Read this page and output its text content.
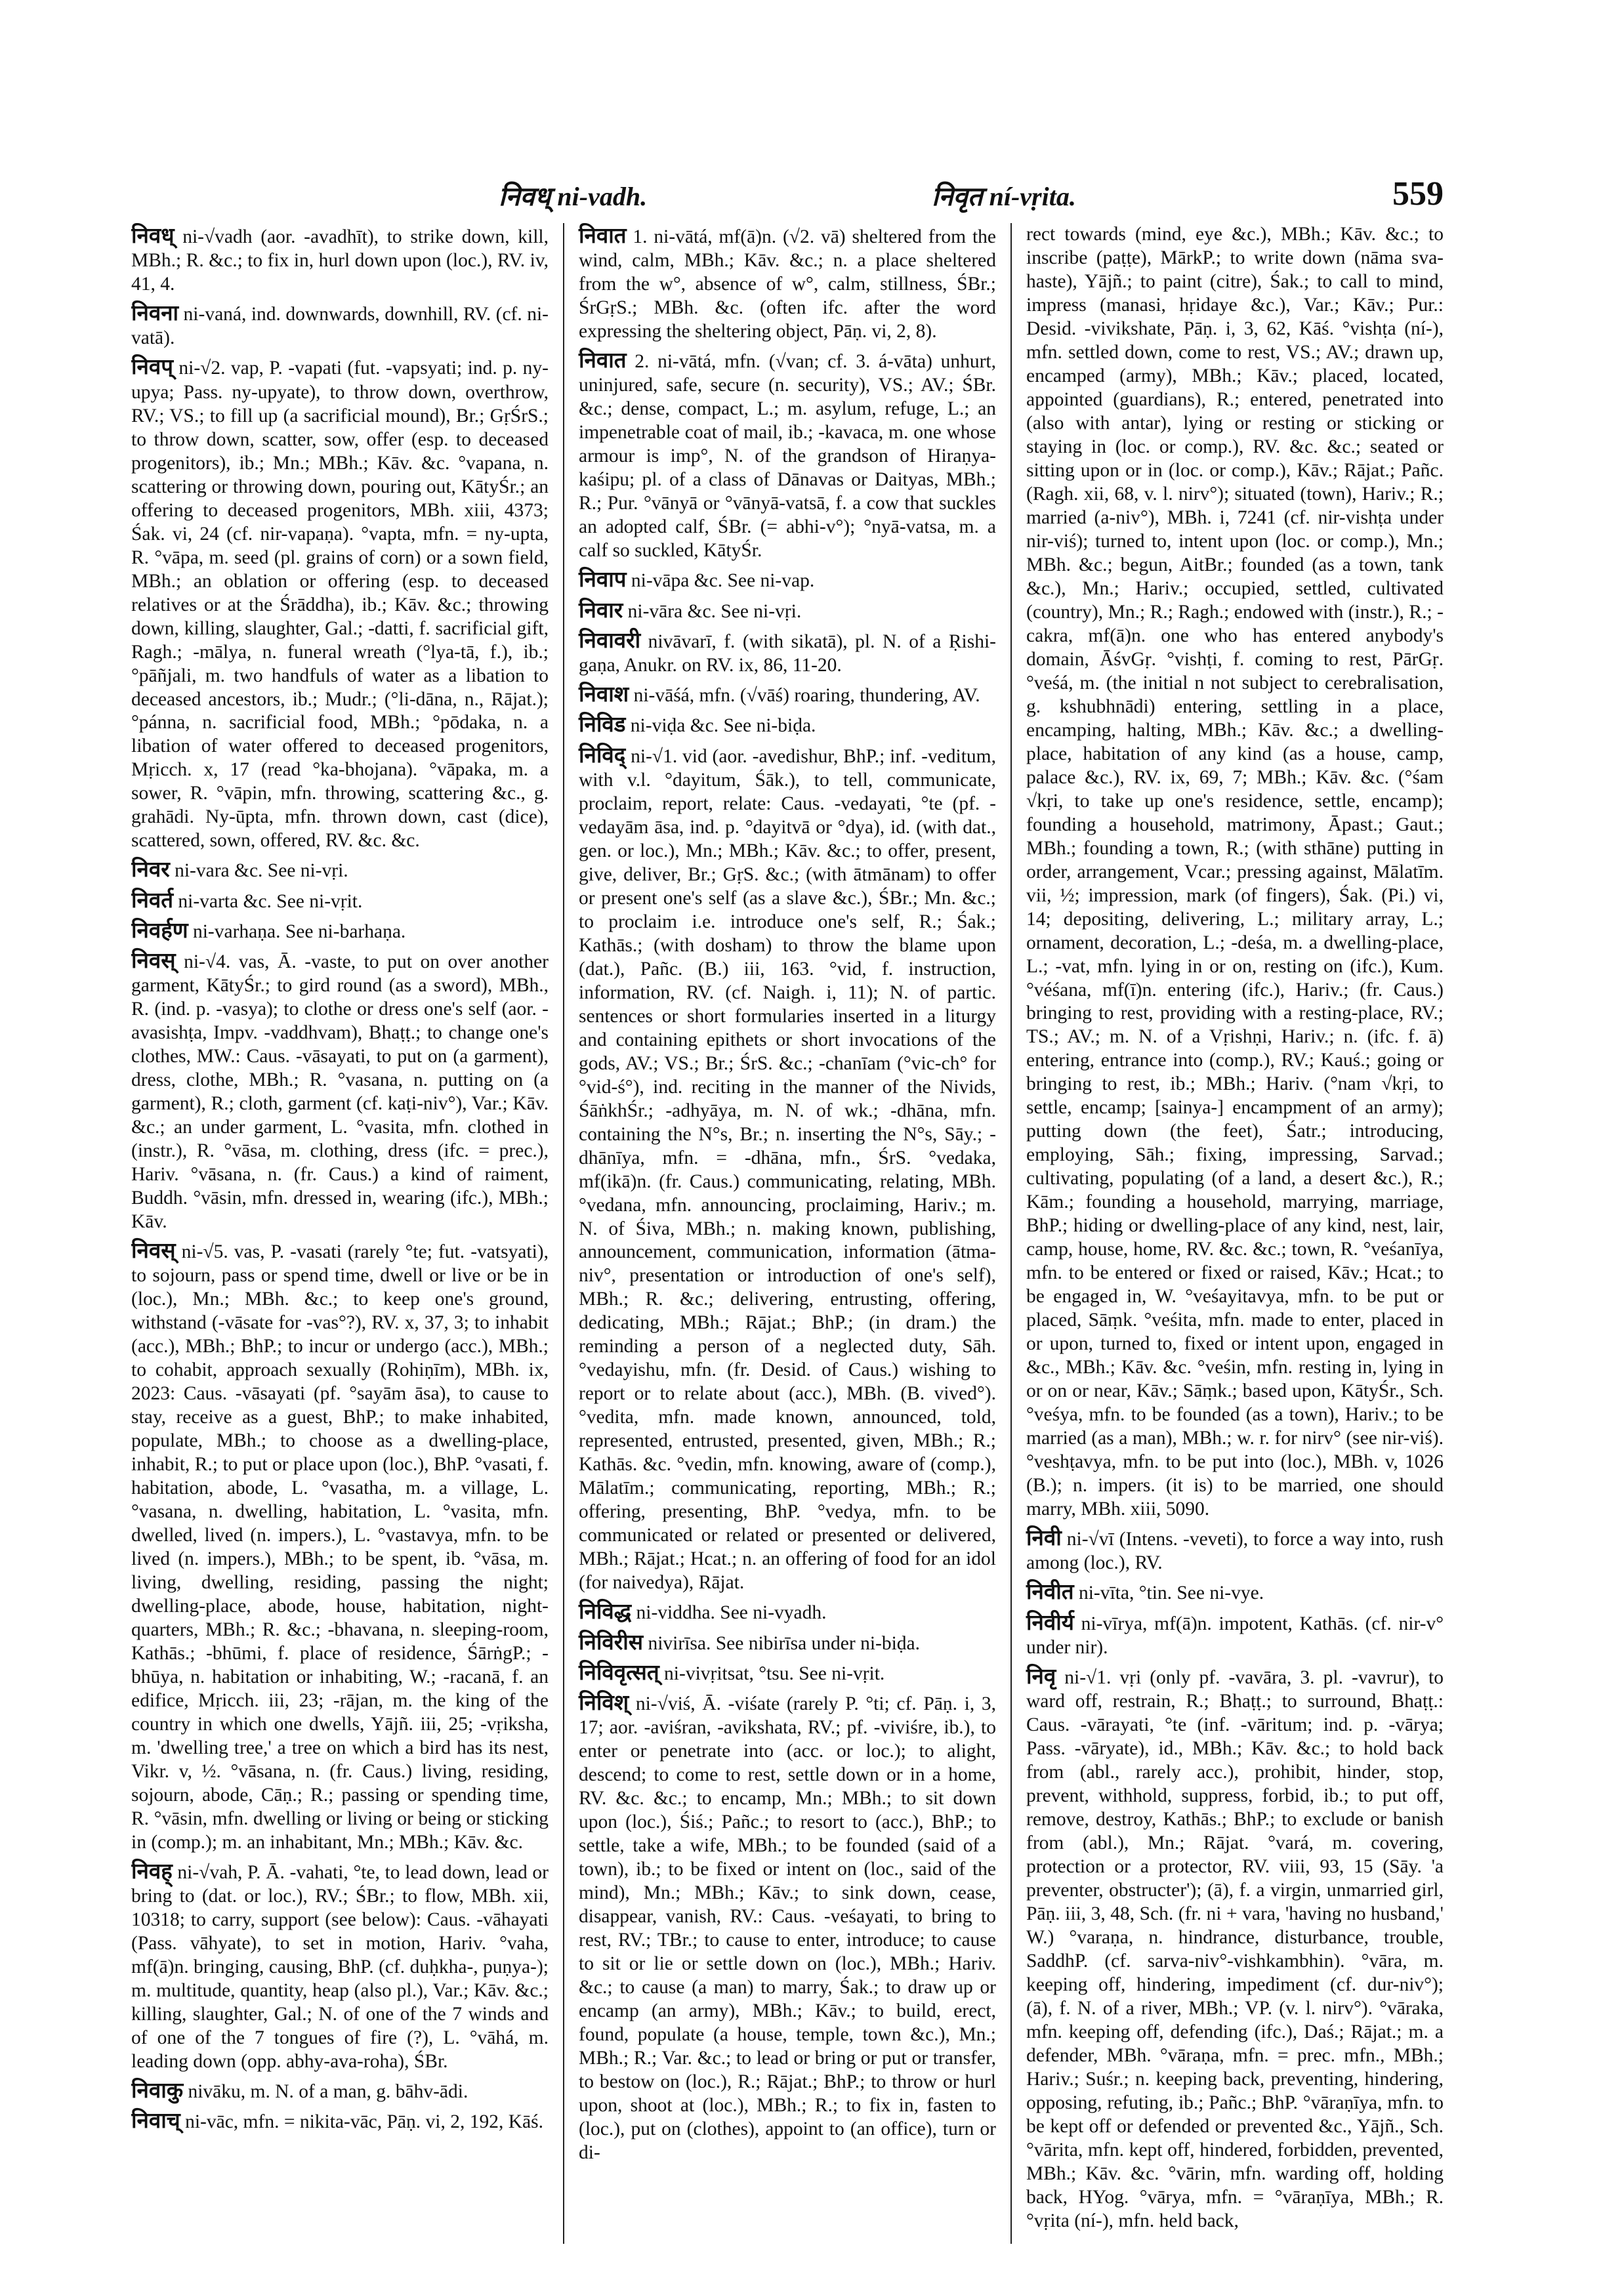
निवध् ni-vadh.	निवृत ní-vṛita.	559

निवध् ni-√vadh (aor. -avadhīt), to strike down, kill, MBh.; R. &c.; to fix in, hurl down upon (loc.), RV. iv, 41, 4.

निवना ni-vaná, ind. downwards, downhill, RV. (cf. ni-vatā).

निवप् ni-√2. vap, P. -vapati (fut. -vapsyati; ind. p. ny-upya; Pass. ny-upyate), to throw down, overthrow, RV.; VS.; to fill up (a sacrificial mound), Br.; GṛŚrS.; to throw down, scatter, sow, offer (esp. to deceased progenitors), ib.; Mn.; MBh.; Kāv. &c. °vapana, n. scattering or throwing down, pouring out, KātyŚr.; an offering to deceased progenitors, MBh. xiii, 4373; Śak. vi, 24 (cf. nir-vapaṇa). °vapta, mfn. = ny-upta, R. °vāpa, m. seed (pl. grains of corn) or a sown field, MBh.; an oblation or offering (esp. to deceased relatives or at the Śrāddha), ib.; Kāv. &c.; throwing down, killing, slaughter, Gal.; -datti, f. sacrificial gift, Ragh.; -mālya, n. funeral wreath (°lya-tā, f.), ib.; °pāñjali, m. two handfuls of water as a libation to deceased ancestors, ib.; Mudr.; (°li-dāna, n., Rājat.); °pánna, n. sacrificial food, MBh.; °pōdaka, n. a libation of water offered to deceased progenitors, Mṛicch. x, 17 (read °ka-bhojana). °vāpaka, m. a sower, R. °vāpin, mfn. throwing, scattering &c., g. grahādi. Ny-ūpta, mfn. thrown down, cast (dice), scattered, sown, offered, RV. &c. &c.

निवर ni-vara &c. See ni-vṛi.

निवर्त ni-varta &c. See ni-vṛit.

निवर्हण ni-varhaṇa. See ni-barhaṇa.

निवस् ni-√4. vas, Ā. -vaste, to put on over another garment, KātyŚr.; to gird round (as a sword), MBh., R. (ind. p. -vasya); to clothe or dress one's self (aor. -avasishṭa, Impv. -vaddhvam), Bhaṭṭ.; to change one's clothes, MW.: Caus. -vāsayati, to put on (a garment), dress, clothe, MBh.; R. °vasana, n. putting on (a garment), R.; cloth, garment (cf. kaṭi-niv°), Var.; Kāv. &c.; an under garment, L. °vasita, mfn. clothed in (instr.), R. °vāsa, m. clothing, dress (ifc. = prec.), Hariv. °vāsana, n. (fr. Caus.) a kind of raiment, Buddh. °vāsin, mfn. dressed in, wearing (ifc.), MBh.; Kāv.

निवस् ni-√5. vas, P. -vasati (rarely °te; fut. -vatsyati), to sojourn, pass or spend time, dwell or live or be in (loc.), Mn.; MBh. &c.; to keep one's ground, withstand (-vāsate for -vas°?), RV. x, 37, 3; to inhabit (acc.), MBh.; BhP.; to incur or undergo (acc.), MBh.; to cohabit, approach sexually (Rohiṇīm), MBh. ix, 2023: Caus. -vāsayati (pf. °sayām āsa), to cause to stay, receive as a guest, BhP.; to make inhabited, populate, MBh.; to choose as a dwelling-place, inhabit, R.; to put or place upon (loc.), BhP. °vasati, f. habitation, abode, L. °vasatha, m. a village, L. °vasana, n. dwelling, habitation, L. °vasita, mfn. dwelled, lived (n. impers.), L. °vastavya, mfn. to be lived (n. impers.), MBh.; to be spent, ib. °vāsa, m. living, dwelling, residing, passing the night; dwelling-place, abode, house, habitation, night-quarters, MBh.; R. &c.; -bhavana, n. sleeping-room, Kathās.; -bhūmi, f. place of residence, ŚārṅgP.; -bhūya, n. habitation or inhabiting, W.; -racanā, f. an edifice, Mṛicch. iii, 23; -rājan, m. the king of the country in which one dwells, Yājñ. iii, 25; -vṛiksha, m. 'dwelling tree,' a tree on which a bird has its nest, Vikr. v, ½. °vāsana, n. (fr. Caus.) living, residing, sojourn, abode, Cāṇ.; R.; passing or spending time, R. °vāsin, mfn. dwelling or living or being or sticking in (comp.); m. an inhabitant, Mn.; MBh.; Kāv. &c.

निवह् ni-√vah, P. Ā. -vahati, °te, to lead down, lead or bring to (dat. or loc.), RV.; ŚBr.; to flow, MBh. xii, 10318; to carry, support (see below): Caus. -vāhayati (Pass. vāhyate), to set in motion, Hariv. °vaha, mf(ā)n. bringing, causing, BhP. (cf. duḥkha-, puṇya-); m. multitude, quantity, heap (also pl.), Var.; Kāv. &c.; killing, slaughter, Gal.; N. of one of the 7 winds and of one of the 7 tongues of fire (?), L. °vāhá, m. leading down (opp. abhy-ava-roha), ŚBr.

निवाकु nivāku, m. N. of a man, g. bāhv-ādi.

निवाच् ni-vāc, mfn. = nikita-vāc, Pāṇ. vi, 2, 192, Kāś.

निवात 1. ni-vātá, mf(ā)n. (√2. vā) sheltered from the wind, calm, MBh.; Kāv. &c.; n. a place sheltered from the w°, absence of w°, calm, stillness, ŚBr.; ŚrGṛS.; MBh. &c. (often ifc. after the word expressing the sheltering object, Pāṇ. vi, 2, 8).

निवात 2. ni-vātá, mfn. (√van; cf. 3. á-vāta) unhurt, uninjured, safe, secure (n. security), VS.; AV.; ŚBr. &c.; dense, compact, L.; m. asylum, refuge, L.; an impenetrable coat of mail, ib.; -kavaca, m. one whose armour is imp°, N. of the grandson of Hiraṇya-kaśipu; pl. of a class of Dānavas or Daityas, MBh.; R.; Pur. °vānyā or °vānyā-vatsā, f. a cow that suckles an adopted calf, ŚBr. (= abhi-v°); °nyā-vatsa, m. a calf so suckled, KātyŚr.

निवाप ni-vāpa &c. See ni-vap.

निवार ni-vāra &c. See ni-vṛi.

निवावरी nivāvarī, f. (with sikatā), pl. N. of a Ṛishi-gaṇa, Anukr. on RV. ix, 86, 11-20.

निवाश ni-vāśá, mfn. (√vāś) roaring, thundering, AV.

निविड ni-viḍa &c. See ni-biḍa.

निविद् ni-√1. vid (aor. -avedishur, BhP.; inf. -veditum, with v.l. °dayitum, Śāk.), to tell, communicate, proclaim, report, relate: Caus. -vedayati, °te (pf. -vedayām āsa, ind. p. °dayitvā or °dya), id. (with dat., gen. or loc.), Mn.; MBh.; Kāv. &c.; to offer, present, give, deliver, Br.; GṛS. &c.; (with ātmānam) to offer or present one's self (as a slave &c.), ŚBr.; Mn. &c.; to proclaim i.e. introduce one's self, R.; Śak.; Kathās.; (with dosham) to throw the blame upon (dat.), Pañc. (B.) iii, 163. °vid, f. instruction, information, RV. (cf. Naigh. i, 11); N. of partic. sentences or short formularies inserted in a liturgy and containing epithets or short invocations of the gods, AV.; VS.; Br.; ŚrS. &c.; -chanīam (°vic-ch° for °vid-ś°), ind. reciting in the manner of the Nivids, ŚāṅkhŚr.; -adhyāya, m. N. of wk.; -dhāna, mfn. containing the N°s, Br.; n. inserting the N°s, Sāy.; -dhānīya, mfn. = -dhāna, mfn., ŚrS. °vedaka, mf(ikā)n. (fr. Caus.) communicating, relating, MBh. °vedana, mfn. announcing, proclaiming, Hariv.; m. N. of Śiva, MBh.; n. making known, publishing, announcement, communication, information (ātma-niv°, presentation or introduction of one's self), MBh.; R. &c.; delivering, entrusting, offering, dedicating, MBh.; Rājat.; BhP.; (in dram.) the reminding a person of a neglected duty, Sāh. °vedayishu, mfn. (fr. Desid. of Caus.) wishing to report or to relate about (acc.), MBh. (B. vived°). °vedita, mfn. made known, announced, told, represented, entrusted, presented, given, MBh.; R.; Kathās. &c. °vedin, mfn. knowing, aware of (comp.), Mālatīm.; communicating, reporting, MBh.; R.; offering, presenting, BhP. °vedya, mfn. to be communicated or related or presented or delivered, MBh.; Rājat.; Hcat.; n. an offering of food for an idol (for naivedya), Rājat.

निविद्ध ni-viddha. See ni-vyadh.

निविरीस nivirīsa. See nibirīsa under ni-biḍa.

निविवृत्सत् ni-vivṛitsat, °tsu. See ni-vṛit.

निविश् ni-√viś, Ā. -viśate (rarely P. °ti; cf. Pāṇ. i, 3, 17; aor. -aviśran, -avikshata, RV.; pf. -viviśre, ib.), to enter or penetrate into (acc. or loc.); to alight, descend; to come to rest, settle down or in a home, RV. &c. &c.; to encamp, Mn.; MBh.; to sit down upon (loc.), Śiś.; Pañc.; to resort to (acc.), BhP.; to settle, take a wife, MBh.; to be founded (said of a town), ib.; to be fixed or intent on (loc., said of the mind), Mn.; MBh.; Kāv.; to sink down, cease, disappear, vanish, RV.: Caus. -veśayati, to bring to rest, RV.; TBr.; to cause to enter, introduce; to cause to sit or lie or settle down on (loc.), MBh.; Hariv. &c.; to cause (a man) to marry, Śak.; to draw up or encamp (an army), MBh.; Kāv.; to build, erect, found, populate (a house, temple, town &c.), Mn.; MBh.; R.; Var. &c.; to lead or bring or put or transfer, to bestow on (loc.), R.; Rājat.; BhP.; to throw or hurl upon, shoot at (loc.), MBh.; R.; to fix in, fasten to (loc.), put on (clothes), appoint to (an office), turn or di-

rect towards (mind, eye &c.), MBh.; Kāv. &c.; to inscribe (paṭṭe), MārkP.; to write down (nāma sva-haste), Yājñ.; to paint (citre), Śak.; to call to mind, impress (manasi, hṛidaye &c.), Var.; Kāv.; Pur.: Desid. -vivikshate, Pāṇ. i, 3, 62, Kāś. °vishṭa (ní-), mfn. settled down, come to rest, VS.; AV.; drawn up, encamped (army), MBh.; Kāv.; placed, located, appointed (guardians), R.; entered, penetrated into (also with antar), lying or resting or sticking or staying in (loc. or comp.), RV. &c. &c.; seated or sitting upon or in (loc. or comp.), Kāv.; Rājat.; Pañc. (Ragh. xii, 68, v. l. nirv°); situated (town), Hariv.; R.; married (a-niv°), MBh. i, 7241 (cf. nir-vishṭa under nir-viś); turned to, intent upon (loc. or comp.), Mn.; MBh. &c.; begun, AitBr.; founded (as a town, tank &c.), Mn.; Hariv.; occupied, settled, cultivated (country), Mn.; R.; Ragh.; endowed with (instr.), R.; -cakra, mf(ā)n. one who has entered anybody's domain, ĀśvGṛ. °vishṭi, f. coming to rest, PārGṛ. °veśá, m. (the initial n not subject to cerebralisation, g. kshubhnādi) entering, settling in a place, encamping, halting, MBh.; Kāv. &c.; a dwelling-place, habitation of any kind (as a house, camp, palace &c.), RV. ix, 69, 7; MBh.; Kāv. &c. (°śam √kṛi, to take up one's residence, settle, encamp); founding a household, matrimony, Āpast.; Gaut.; MBh.; founding a town, R.; (with sthāne) putting in order, arrangement, Vcar.; pressing against, Mālatīm. vii, ½; impression, mark (of fingers), Śak. (Pi.) vi, 14; depositing, delivering, L.; military array, L.; ornament, decoration, L.; -deśa, m. a dwelling-place, L.; -vat, mfn. lying in or on, resting on (ifc.), Kum. °véśana, mf(ī)n. entering (ifc.), Hariv.; (fr. Caus.) bringing to rest, providing with a resting-place, RV.; TS.; AV.; m. N. of a Vṛishṇi, Hariv.; n. (ifc. f. ā) entering, entrance into (comp.), RV.; Kauś.; going or bringing to rest, ib.; MBh.; Hariv. (°nam √kṛi, to settle, encamp; [sainya-] encampment of an army); putting down (the feet), Śatr.; introducing, employing, Sāh.; fixing, impressing, Sarvad.; cultivating, populating (of a land, a desert &c.), R.; Kām.; founding a household, marrying, marriage, BhP.; hiding or dwelling-place of any kind, nest, lair, camp, house, home, RV. &c. &c.; town, R. °veśanīya, mfn. to be entered or fixed or raised, Kāv.; Hcat.; to be engaged in, W. °veśayitavya, mfn. to be put or placed, Sāṃk. °veśita, mfn. made to enter, placed in or upon, turned to, fixed or intent upon, engaged in &c., MBh.; Kāv. &c. °veśin, mfn. resting in, lying in or on or near, Kāv.; Sāṃk.; based upon, KātyŚr., Sch. °veśya, mfn. to be founded (as a town), Hariv.; to be married (as a man), MBh.; w. r. for nirv° (see nir-viś). °veshṭavya, mfn. to be put into (loc.), MBh. v, 1026 (B.); n. impers. (it is) to be married, one should marry, MBh. xiii, 5090.

निवी ni-√vī (Intens. -veveti), to force a way into, rush among (loc.), RV.

निवीत ni-vīta, °tin. See ni-vye.

निवीर्य ni-vīrya, mf(ā)n. impotent, Kathās. (cf. nir-v° under nir).

निवृ ni-√1. vṛi (only pf. -vavāra, 3. pl. -vavrur), to ward off, restrain, R.; Bhaṭṭ.; to surround, Bhaṭṭ.: Caus. -vārayati, °te (inf. -vāritum; ind. p. -vārya; Pass. -vāryate), id., MBh.; Kāv. &c.; to hold back from (abl., rarely acc.), prohibit, hinder, stop, prevent, withhold, suppress, forbid, ib.; to put off, remove, destroy, Kathās.; BhP.; to exclude or banish from (abl.), Mn.; Rājat. °vará, m. covering, protection or a protector, RV. viii, 93, 15 (Sāy. 'a preventer, obstructer'); (ā), f. a virgin, unmarried girl, Pāṇ. iii, 3, 48, Sch. (fr. ni + vara, 'having no husband,' W.) °varaṇa, n. hindrance, disturbance, trouble, SaddhP. (cf. sarva-niv°-vishkambhin). °vāra, m. keeping off, hindering, impediment (cf. dur-niv°); (ā), f. N. of a river, MBh.; VP. (v. l. nirv°). °vāraka, mfn. keeping off, defending (ifc.), Daś.; Rājat.; m. a defender, MBh. °vāraṇa, mfn. = prec. mfn., MBh.; Hariv.; Suśr.; n. keeping back, preventing, hindering, opposing, refuting, ib.; Pañc.; BhP. °vāraṇīya, mfn. to be kept off or defended or prevented &c., Yājñ., Sch. °vārita, mfn. kept off, hindered, forbidden, prevented, MBh.; Kāv. &c. °vārin, mfn. warding off, holding back, HYog. °vārya, mfn. = °vāraṇīya, MBh.; R. °vṛita (ní-), mfn. held back,
